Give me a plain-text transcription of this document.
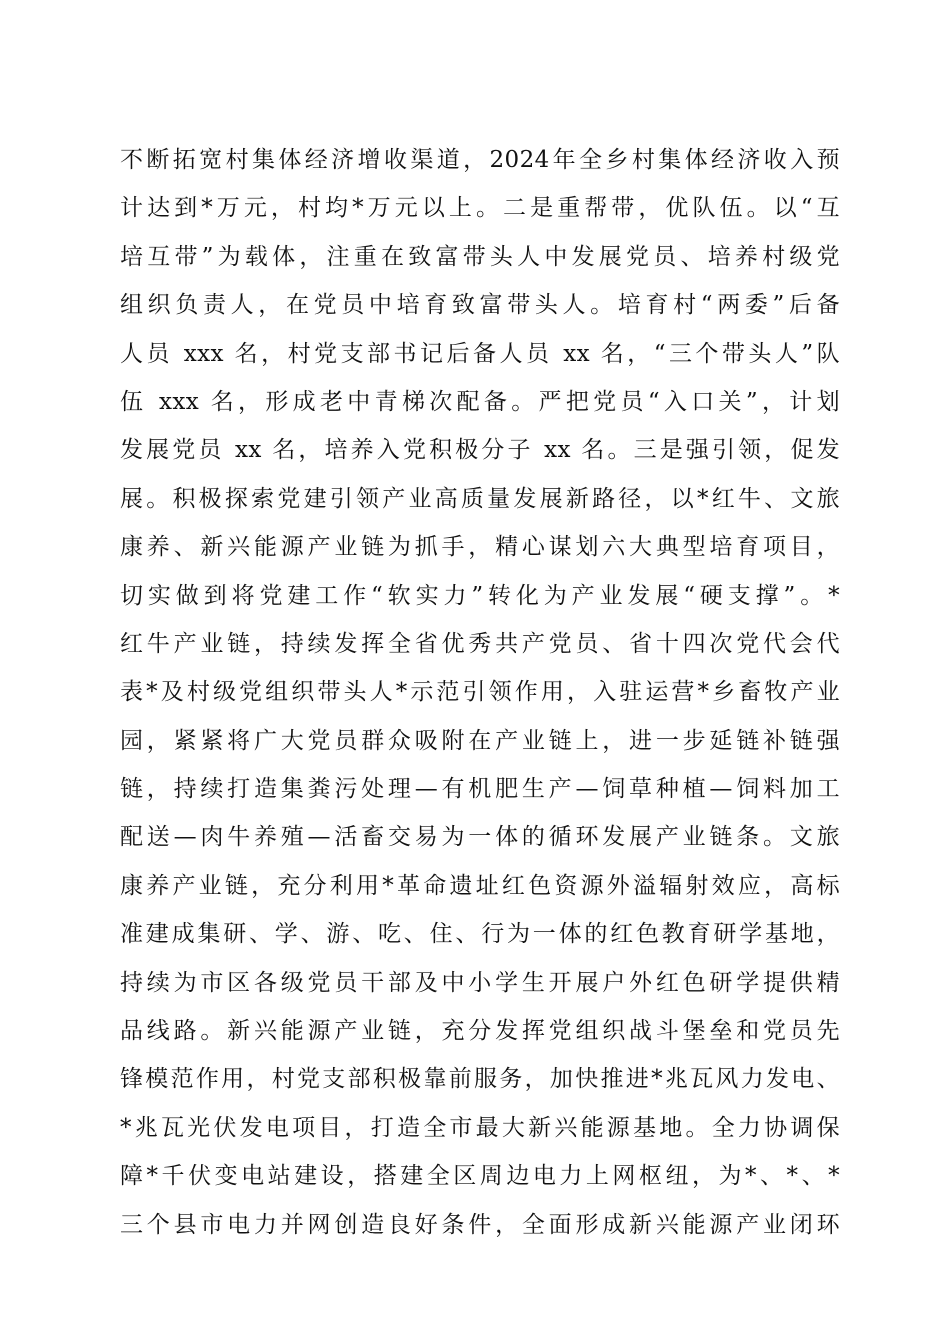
不断拓宽村集体经济增收渠道，2024年全乡村集体经济收入预
计达到*万元，村均*万元以上。二是重帮带，优队伍。以“互
培互带”为载体，注重在致富带头人中发展党员、培养村级党
组织负责人，在党员中培育致富带头人。培育村“两委”后备
人员 xxx 名，村党支部书记后备人员 xx 名，“三个带头人”队
伍 xxx 名，形成老中青梯次配备。严把党员“入口关”，计划
发展党员 xx 名，培养入党积极分子 xx 名。三是强引领，促发
展。积极探索党建引领产业高质量发展新路径，以*红牛、文旅
康养、新兴能源产业链为抓手，精心谋划六大典型培育项目，
切实做到将党建工作“软实力”转化为产业发展“硬支撑”。*
红牛产业链，持续发挥全省优秀共产党员、省十四次党代会代
表*及村级党组织带头人*示范引领作用，入驻运营*乡畜牧产业
园，紧紧将广大党员群众吸附在产业链上，进一步延链补链强
链，持续打造集粪污处理—有机肥生产—饲草种植—饲料加工
配送—肉牛养殖—活畜交易为一体的循环发展产业链条。文旅
康养产业链，充分利用*革命遗址红色资源外溢辐射效应，高标
准建成集研、学、游、吃、住、行为一体的红色教育研学基地，
持续为市区各级党员干部及中小学生开展户外红色研学提供精
品线路。新兴能源产业链，充分发挥党组织战斗堡垒和党员先
锋模范作用，村党支部积极靠前服务，加快推进*兆瓦风力发电、
*兆瓦光伏发电项目，打造全市最大新兴能源基地。全力协调保
障*千伏变电站建设，搭建全区周边电力上网枢纽，为*、*、*
三个县市电力并网创造良好条件，全面形成新兴能源产业闭环
